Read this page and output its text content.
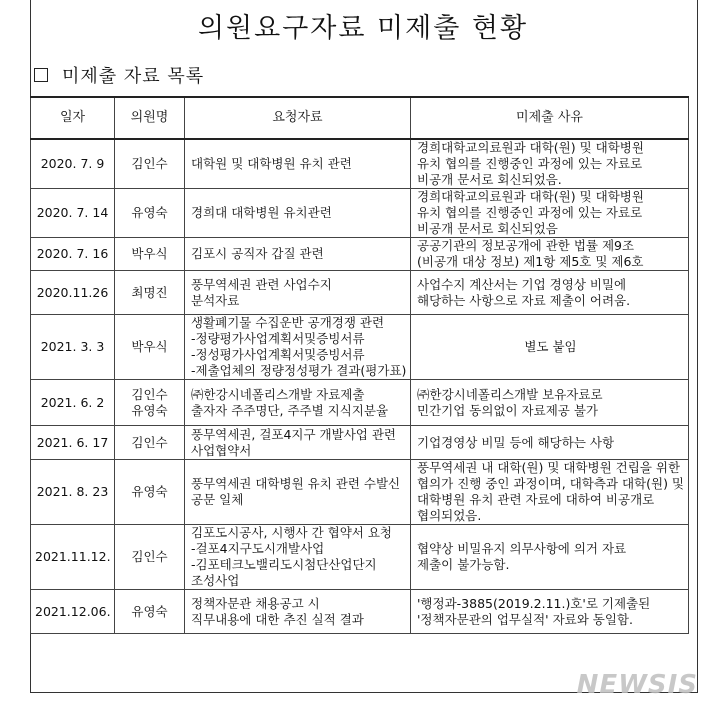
의원요구자료 미제출 현황
미제출 자료 목록
일자	의원명	요청자료	미제출 사유
2020. 7. 9	김인수	대학원 및 대학병원 유치 관련	경희대학교의료원과 대학(원) 및 대학병원
유치 협의를 진행중인 과정에 있는 자료로
비공개 문서로 회신되었음.

2020. 7. 14	유영숙	경희대 대학병원 유치관련	경희대학교의료원과 대학(원) 및 대학병원
유치 협의를 진행중인 과정에 있는 자료로
비공개 문서로 회신되었음

2020. 7. 16	박우식	김포시 공직자 갑질 관련	공공기관의 정보공개에 관한 법률 제9조
(비공개 대상 정보) 제1항 제5호 및 제6호

2020.11.26	최명진	풍무역세권 관련 사업수지
분석자료	사업수지 계산서는 기업 경영상 비밀에
해당하는 사항으로 자료 제출이 어려움.

2021. 3. 3	박우식	생활폐기물 수집운반 공개경쟁 관련
-정량평가사업계획서및증빙서류
-정성평가사업계획서및증빙서류
-제출업체의 정량정성평가 결과(평가표)	별도 붙임

2021. 6. 2	김인수
유영숙	㈜한강시네폴리스개발 자료제출
출자자 주주명단, 주주별 지식지분율	㈜한강시네폴리스개발 보유자료로
민간기업 동의없이 자료제공 불가

2021. 6. 17	김인수	풍무역세권, 걸포4지구 개발사업 관련
사업협약서	기업경영상 비밀 등에 해당하는 사항

2021. 8. 23	유영숙	풍무역세권 대학병원 유치 관련 수발신
공문 일체	풍무역세권 내 대학(원) 및 대학병원 건립을 위한
협의가 진행 중인 과정이며, 대학측과 대학(원) 및
대학병원 유치 관련 자료에 대하여 비공개로
협의되었음.

2021.11.12.	김인수	김포도시공사, 시행사 간 협약서 요청
-걸포4지구도시개발사업
-김포테크노밸리도시첨단산업단지
조성사업	협약상 비밀유지 의무사항에 의거 자료
제출이 불가능함.

2021.12.06.	유영숙	정책자문관 채용공고 시
직무내용에 대한 추진 실적 결과	'행정과-3885(2019.2.11.)호'로 기제출된
'정책자문관의 업무실적' 자료와 동일함.
NEWSIS
